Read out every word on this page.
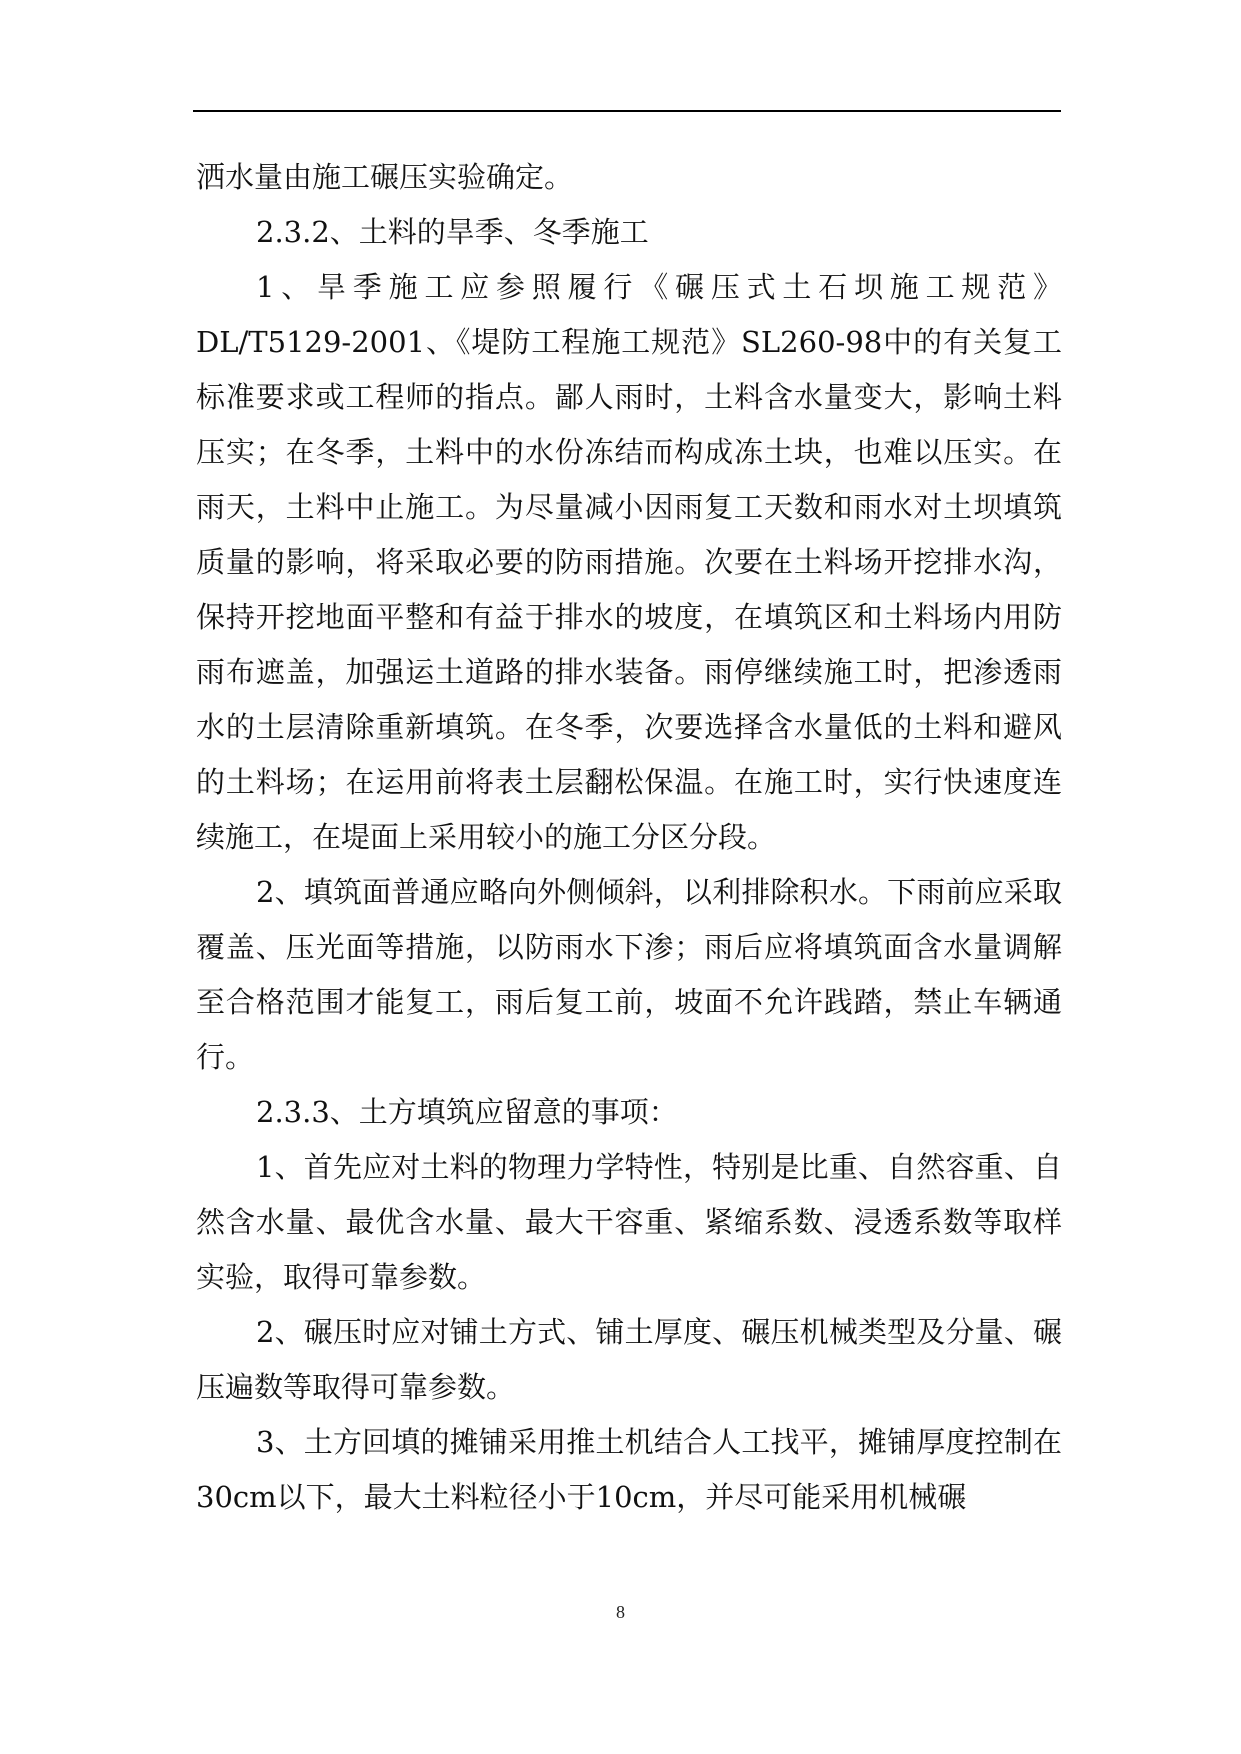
洒水量由施工碾压实验确定。

2.3.2、土料的旱季、冬季施工

1、旱季施工应参照履行《碾压式土石坝施工规范》DL/T5129-2001、《堤防工程施工规范》SL260-98中的有关复工标准要求或工程师的指点。鄙人雨时，土料含水量变大，影响土料压实；在冬季，土料中的水份冻结而构成冻土块，也难以压实。在雨天，土料中止施工。为尽量减小因雨复工天数和雨水对土坝填筑质量的影响，将采取必要的防雨措施。次要在土料场开挖排水沟，保持开挖地面平整和有益于排水的坡度，在填筑区和土料场内用防雨布遮盖，加强运土道路的排水装备。雨停继续施工时，把渗透雨水的土层清除重新填筑。在冬季，次要选择含水量低的土料和避风的土料场；在运用前将表土层翻松保温。在施工时，实行快速度连续施工，在堤面上采用较小的施工分区分段。

2、填筑面普通应略向外侧倾斜，以利排除积水。下雨前应采取覆盖、压光面等措施，以防雨水下渗；雨后应将填筑面含水量调解至合格范围才能复工，雨后复工前，坡面不允许践踏，禁止车辆通行。

2.3.3、土方填筑应留意的事项：

1、首先应对土料的物理力学特性，特别是比重、自然容重、自然含水量、最优含水量、最大干容重、紧缩系数、浸透系数等取样实验，取得可靠参数。

2、碾压时应对铺土方式、铺土厚度、碾压机械类型及分量、碾压遍数等取得可靠参数。

3、土方回填的摊铺采用推土机结合人工找平，摊铺厚度控制在30cm以下，最大土料粒径小于10cm，并尽可能采用机械碾

8
